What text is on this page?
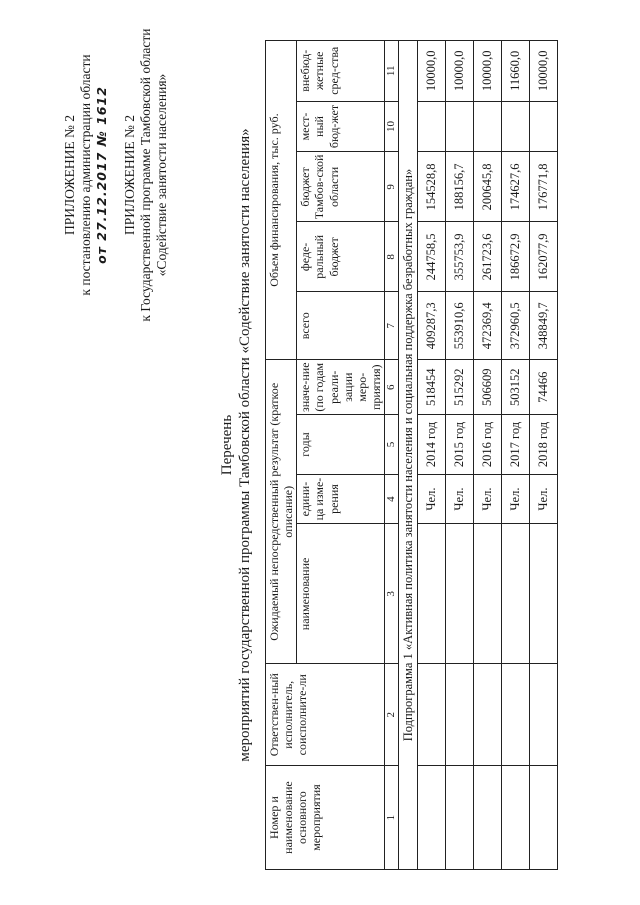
ПРИЛОЖЕНИЕ № 2 к постановлению администрации области от 27.12.2017 № 1612 ПРИЛОЖЕНИЕ № 2 к Государственной программе Тамбовской области «Содействие занятости населения»
Перечень мероприятий государственной программы Тамбовской области «Содействие занятости населения»
Номер и наименование основного мероприятия	Ответствен-ный исполнитель, соисполните-ли	Ожидаемый непосредственный результат (краткое описание)				Объем финансирования, тыс. руб.				
		наименование	едини-ца изме-рения	годы	значе-ние (по годам реали-зации меро-приятия)	всего	феде-ральный бюджет	бюджет Тамбов-ской области	мест-ный бюд-жет	внебюд-жетные сред-ства
1	2	3	4	5	6	7	8	9	10	11
Подпрограмма 1 «Активная политика занятости населения и социальная поддержка безработных граждан»										
			Чел.	2014 год	518454	409287,3	244758,5	154528,8		10000,0
			Чел.	2015 год	515292	553910,6	355753,9	188156,7		10000,0
			Чел.	2016 год	506609	472369,4	261723,6	200645,8		10000,0
			Чел.	2017 год	503152	372960,5	186672,9	174627,6		11660,0
			Чел.	2018 год	74466	348849,7	162077,9	176771,8		10000,0
